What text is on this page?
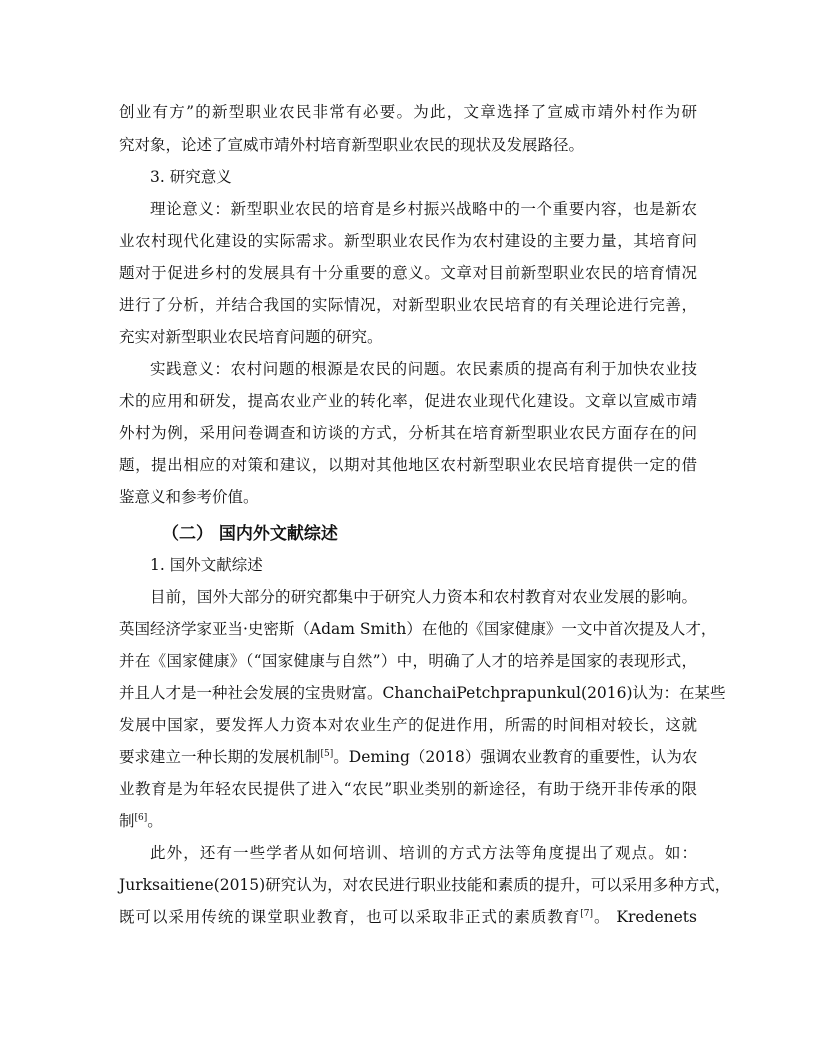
创业有方”的新型职业农民非常有必要。为此，文章选择了宣威市靖外村作为研
究对象，论述了宣威市靖外村培育新型职业农民的现状及发展路径。
3. 研究意义
理论意义：新型职业农民的培育是乡村振兴战略中的一个重要内容，也是新农
业农村现代化建设的实际需求。新型职业农民作为农村建设的主要力量，其培育问
题对于促进乡村的发展具有十分重要的意义。文章对目前新型职业农民的培育情况
进行了分析，并结合我国的实际情况，对新型职业农民培育的有关理论进行完善，
充实对新型职业农民培育问题的研究。
实践意义：农村问题的根源是农民的问题。农民素质的提高有利于加快农业技
术的应用和研发，提高农业产业的转化率，促进农业现代化建设。文章以宣威市靖
外村为例，采用问卷调查和访谈的方式，分析其在培育新型职业农民方面存在的问
题，提出相应的对策和建议，以期对其他地区农村新型职业农民培育提供一定的借
鉴意义和参考价值。
（二） 国内外文献综述
1. 国外文献综述
目前，国外大部分的研究都集中于研究人力资本和农村教育对农业发展的影响。
英国经济学家亚当·史密斯（Adam Smith）在他的《国家健康》一文中首次提及人才，
并在《国家健康》（“国家健康与自然”）中，明确了人才的培养是国家的表现形式，
并且人才是一种社会发展的宝贵财富。ChanchaiPetchprapunkul(2016)认为：在某些
发展中国家，要发挥人力资本对农业生产的促进作用，所需的时间相对较长，这就
要求建立一种长期的发展机制[5]。Deming（2018）强调农业教育的重要性，认为农
业教育是为年轻农民提供了进入“农民”职业类别的新途径，有助于绕开非传承的限
制[6]。
此外，还有一些学者从如何培训、培训的方式方法等角度提出了观点。如：
Jurksaitiene(2015)研究认为，对农民进行职业技能和素质的提升，可以采用多种方式，
既可以采用传统的课堂职业教育，也可以采取非正式的素质教育[7]。 Kredenets
